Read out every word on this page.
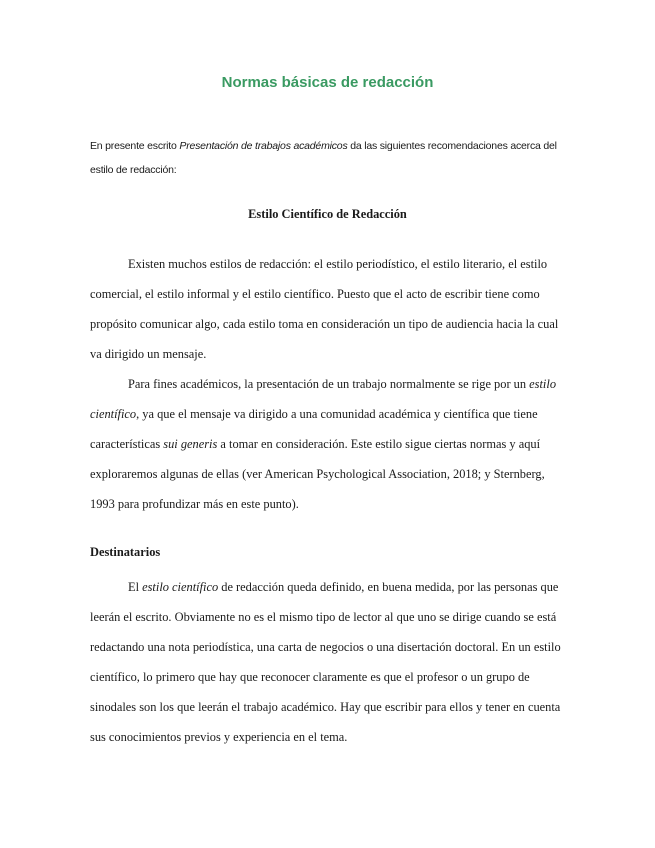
Normas básicas de redacción

En presente escrito Presentación de trabajos académicos da las siguientes recomendaciones acerca del estilo de redacción:

Estilo Científico de Redacción

Existen muchos estilos de redacción: el estilo periodístico, el estilo literario, el estilo comercial, el estilo informal y el estilo científico. Puesto que el acto de escribir tiene como propósito comunicar algo, cada estilo toma en consideración un tipo de audiencia hacia la cual va dirigido un mensaje.

Para fines académicos, la presentación de un trabajo normalmente se rige por un estilo científico, ya que el mensaje va dirigido a una comunidad académica y científica que tiene características sui generis a tomar en consideración. Este estilo sigue ciertas normas y aquí exploraremos algunas de ellas (ver American Psychological Association, 2018; y Sternberg, 1993 para profundizar más en este punto).

Destinatarios

El estilo científico de redacción queda definido, en buena medida, por las personas que leerán el escrito. Obviamente no es el mismo tipo de lector al que uno se dirige cuando se está redactando una nota periodística, una carta de negocios o una disertación doctoral. En un estilo científico, lo primero que hay que reconocer claramente es que el profesor o un grupo de sinodales son los que leerán el trabajo académico. Hay que escribir para ellos y tener en cuenta sus conocimientos previos y experiencia en el tema.
